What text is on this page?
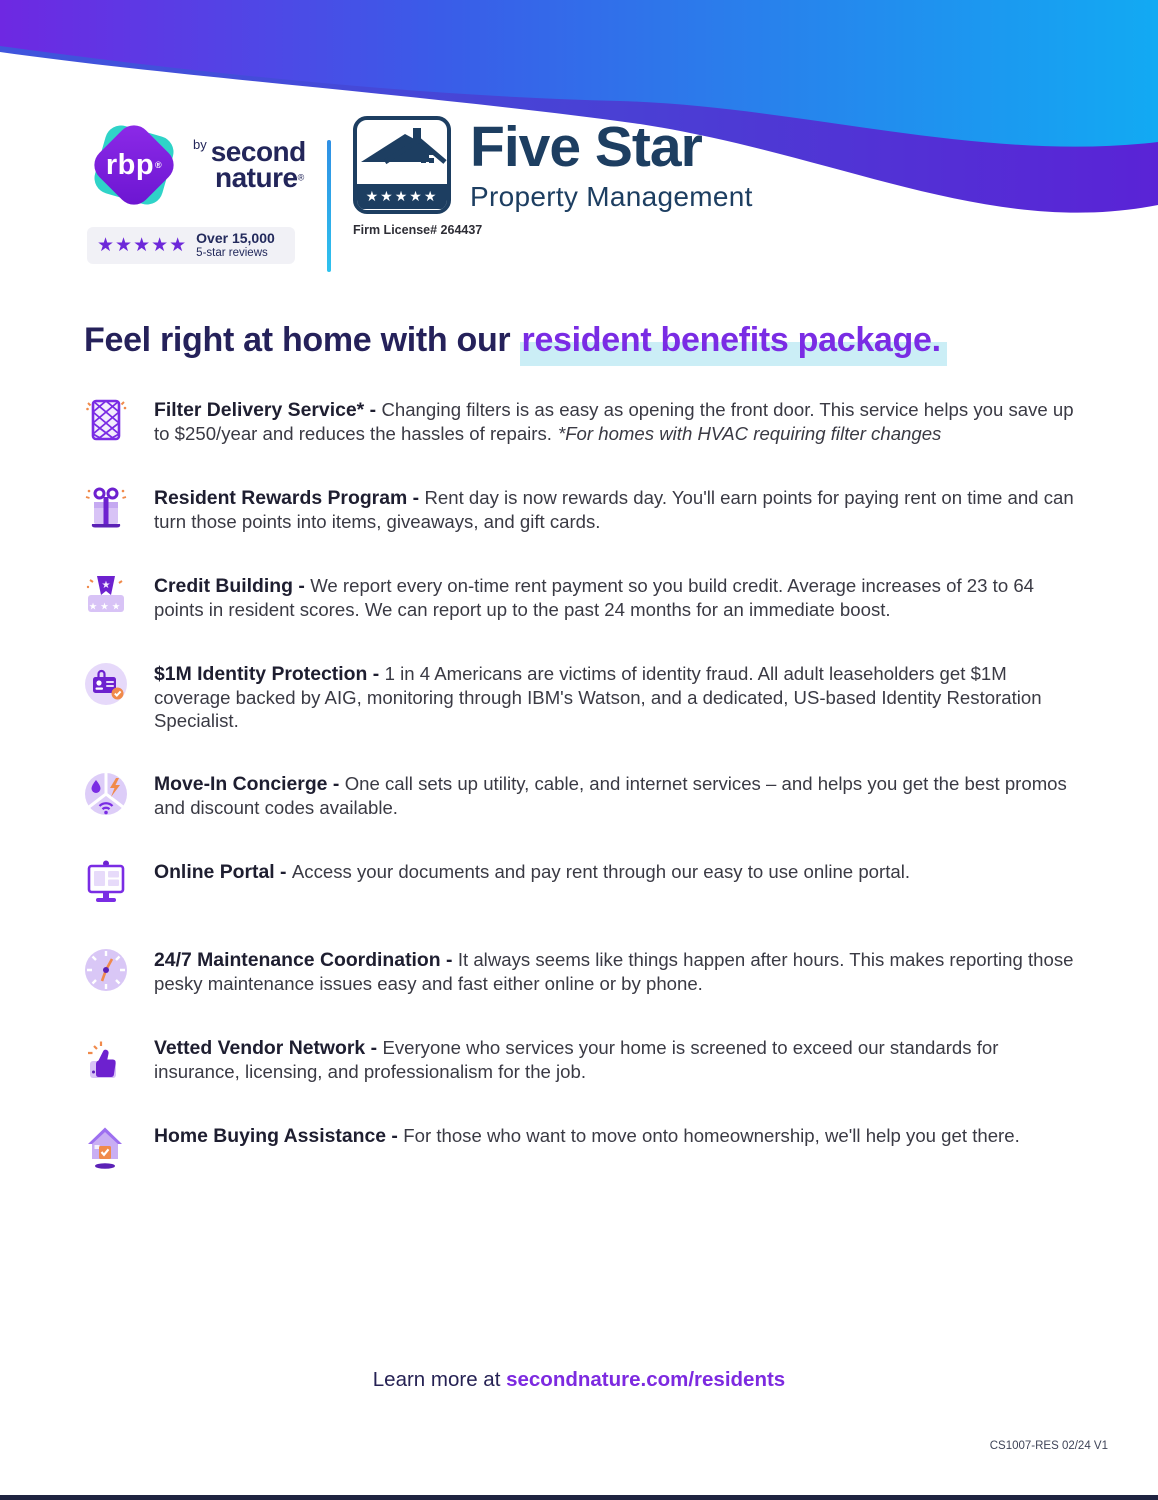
rbp ®
$^{by}$ second
nature®
★★★★★ Over 15,000
5-star reviews
★★★★★
Firm License# 264437
Five Star
Property Management
Feel right at home with our resident benefits package.
Filter Delivery Service* - Changing filters is as easy as opening the front door. This service helps you save up to $250/year and reduces the hassles of repairs. *For homes with HVAC requiring filter changes
Resident Rewards Program - Rent day is now rewards day. You'll earn points for paying rent on time and can turn those points into items, giveaways, and gift cards.
★
★★★
Credit Building - We report every on-time rent payment so you build credit. Average increases of 23 to 64 points in resident scores. We can report up to the past 24 months for an immediate boost.
$1M Identity Protection - 1 in 4 Americans are victims of identity fraud. All adult leaseholders get $1M coverage backed by AIG, monitoring through IBM's Watson, and a dedicated, US-based Identity Restoration Specialist.
Move-In Concierge - One call sets up utility, cable, and internet services – and helps you get the best promos and discount codes available.
Online Portal - Access your documents and pay rent through our easy to use online portal.
24/7 Maintenance Coordination - It always seems like things happen after hours. This makes reporting those pesky maintenance issues easy and fast either online or by phone.
Vetted Vendor Network - Everyone who services your home is screened to exceed our standards for insurance, licensing, and professionalism for the job.
Home Buying Assistance - For those who want to move onto homeownership, we'll help you get there.
Learn more at secondnature.com/residents
CS1007-RES 02/24 V1
